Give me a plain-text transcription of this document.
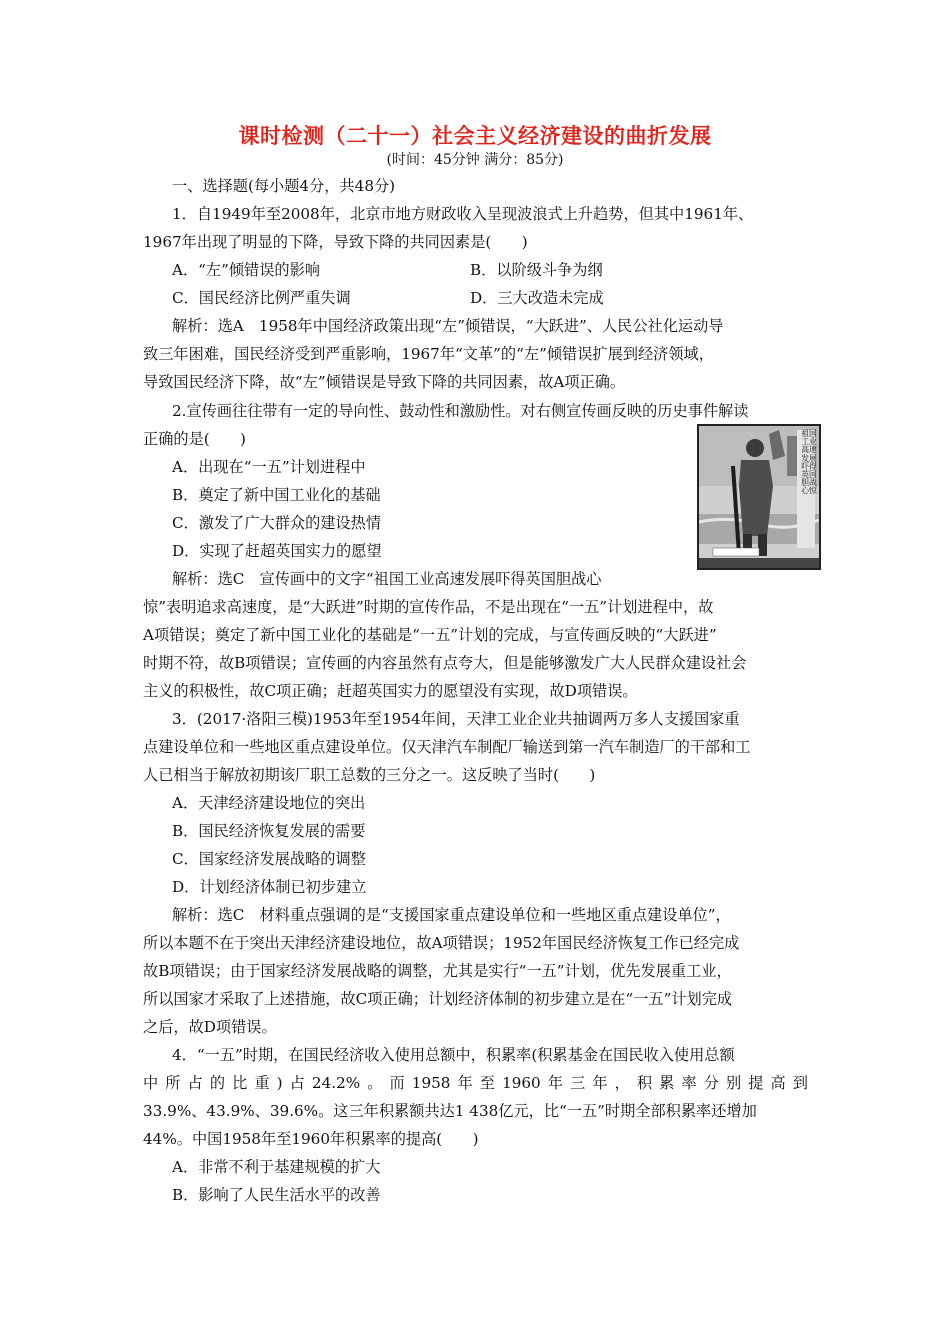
课时检测（二十一）社会主义经济建设的曲折发展
(时间：45分钟 满分：85分)
一、选择题(每小题4分，共48分)
1．自1949年至2008年，北京市地方财政收入呈现波浪式上升趋势，但其中1961年、
1967年出现了明显的下降，导致下降的共同因素是(　　)
A．“左”倾错误的影响	B．以阶级斗争为纲
C．国民经济比例严重失调	D．三大改造未完成
解析：选A　1958年中国经济政策出现“左”倾错误，“大跃进”、人民公社化运动导
致三年困难，国民经济受到严重影响，1967年“文革”的“左”倾错误扩展到经济领域，
导致国民经济下降，故“左”倾错误是导致下降的共同因素，故A项正确。
2.宣传画往往带有一定的导向性、鼓动性和激励性。对右侧宣传画反映的历史事件解读
正确的是(　　)
A．出现在“一五”计划进程中
B．奠定了新中国工业化的基础
C．激发了广大群众的建设热情
D．实现了赶超英国实力的愿望
祖国工业高速发展吓得英国胆战心惊
解析：选C　宣传画中的文字“祖国工业高速发展吓得英国胆战心
惊”表明追求高速度，是“大跃进”时期的宣传作品，不是出现在“一五”计划进程中，故
A项错误；奠定了新中国工业化的基础是“一五”计划的完成，与宣传画反映的“大跃进”
时期不符，故B项错误；宣传画的内容虽然有点夸大，但是能够激发广大人民群众建设社会
主义的积极性，故C项正确；赶超英国实力的愿望没有实现，故D项错误。
3．(2017·洛阳三模)1953年至1954年间，天津工业企业共抽调两万多人支援国家重
点建设单位和一些地区重点建设单位。仅天津汽车制配厂输送到第一汽车制造厂的干部和工
人已相当于解放初期该厂职工总数的三分之一。这反映了当时(　　)
A．天津经济建设地位的突出
B．国民经济恢复发展的需要
C．国家经济发展战略的调整
D．计划经济体制已初步建立
解析：选C　材料重点强调的是“支援国家重点建设单位和一些地区重点建设单位”，
所以本题不在于突出天津经济建设地位，故A项错误；1952年国民经济恢复工作已经完成
故B项错误；由于国家经济发展战略的调整，尤其是实行“一五”计划，优先发展重工业，
所以国家才采取了上述措施，故C项正确；计划经济体制的初步建立是在“一五”计划完成
之后，故D项错误。
4．“一五”时期，在国民经济收入使用总额中，积累率(积累基金在国民收入使用总额
中所占的比重)占24.2%。而1958年至1960年三年，积累率分别提高到
33.9%、43.9%、39.6%。这三年积累额共达1 438亿元，比“一五”时期全部积累率还增加
44%。中国1958年至1960年积累率的提高(　　)
A．非常不利于基建规模的扩大
B．影响了人民生活水平的改善
